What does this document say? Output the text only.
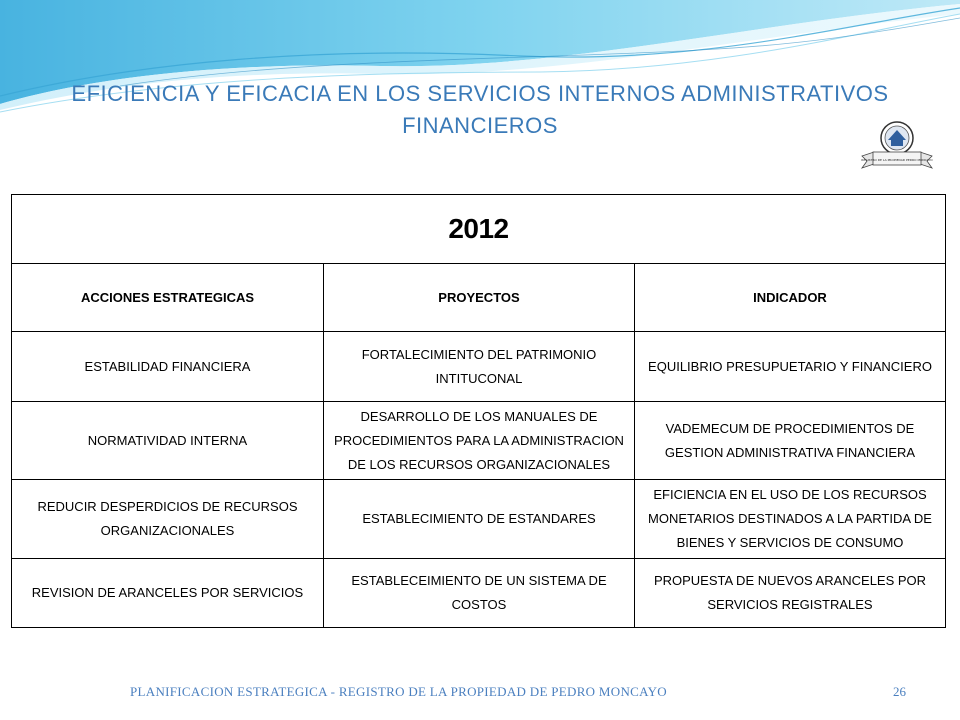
EFICIENCIA Y EFICACIA EN LOS SERVICIOS INTERNOS ADMINISTRATIVOS FINANCIEROS
REGISTRO DE LA PROPIEDAD PEDRO MONCAYO
2012		
ACCIONES ESTRATEGICAS	PROYECTOS	INDICADOR
ESTABILIDAD FINANCIERA	FORTALECIMIENTO DEL PATRIMONIO INTITUCONAL	EQUILIBRIO PRESUPUETARIO Y FINANCIERO
NORMATIVIDAD INTERNA	DESARROLLO DE LOS MANUALES DE PROCEDIMIENTOS PARA LA ADMINISTRACION DE LOS RECURSOS ORGANIZACIONALES	VADEMECUM DE PROCEDIMIENTOS DE GESTION ADMINISTRATIVA FINANCIERA
REDUCIR DESPERDICIOS DE RECURSOS ORGANIZACIONALES	ESTABLECIMIENTO DE ESTANDARES	EFICIENCIA EN EL USO DE LOS RECURSOS MONETARIOS DESTINADOS A LA PARTIDA DE BIENES Y SERVICIOS DE CONSUMO
REVISION DE ARANCELES POR SERVICIOS	ESTABLECEIMIENTO DE UN SISTEMA DE COSTOS	PROPUESTA DE NUEVOS ARANCELES POR SERVICIOS REGISTRALES
PLANIFICACION ESTRATEGICA - REGISTRO DE LA PROPIEDAD DE PEDRO MONCAYO	26
